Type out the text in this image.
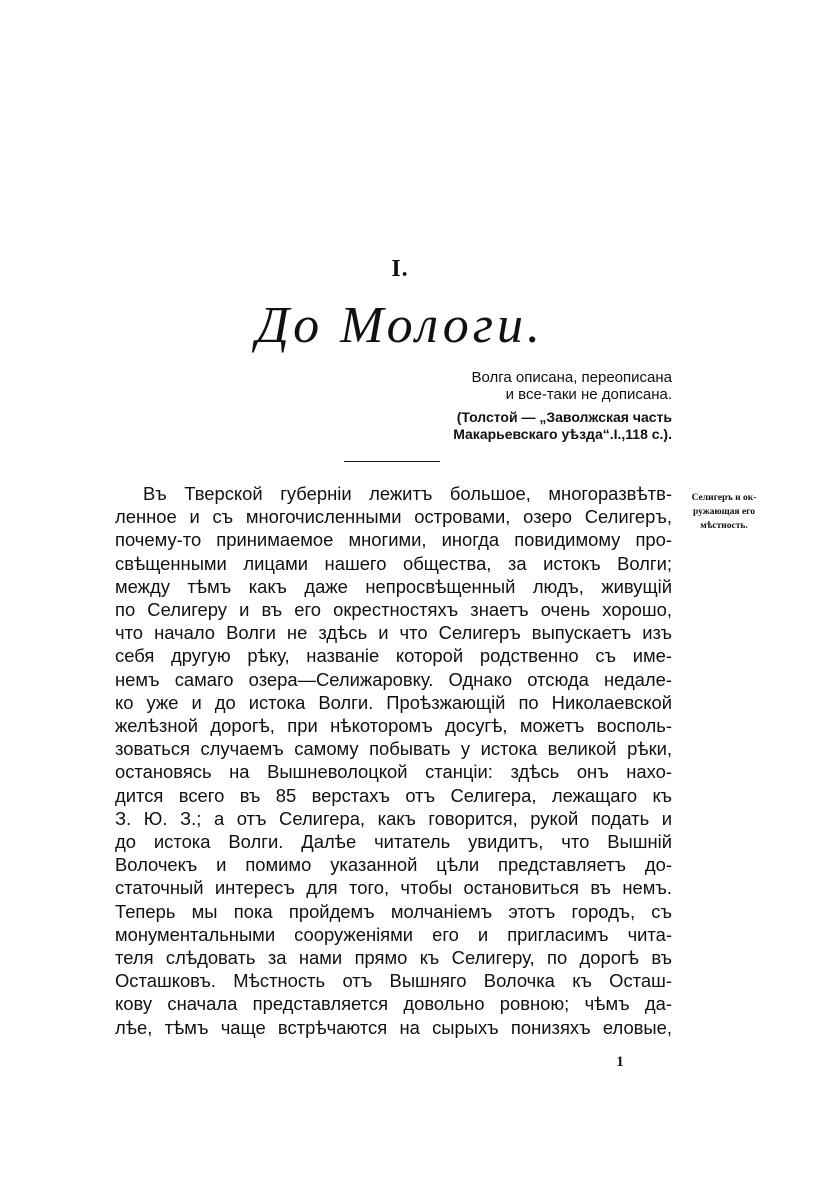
I.
До Мологи.
Волга описана, переописана
и все-таки не дописана.
(Толстой — „Заволжская часть
Макарьевскаго уѣзда“.I.,118 с.).
Селигеръ и ок-
ружающая его
мѣстность.
Въ Тверской губерніи лежитъ большое, многоразвѣтв-
ленное и съ многочисленными островами, озеро Селигеръ,
почему-то принимаемое многими, иногда повидимому про-
свѣщенными лицами нашего общества, за истокъ Волги;
между тѣмъ какъ даже непросвѣщенный людъ, живущій
по Селигеру и въ его окрестностяхъ знаетъ очень хорошо,
что начало Волги не здѣсь и что Селигеръ выпускаетъ изъ
себя другую рѣку, названіе которой родственно съ име-
немъ самаго озера—Селижаровку. Однако отсюда недале-
ко уже и до истока Волги. Проѣзжающій по Николаевской
желѣзной дорогѣ, при нѣкоторомъ досугѣ, можетъ восполь-
зоваться случаемъ самому побывать у истока великой рѣки,
остановясь на Вышневолоцкой станціи: здѣсь онъ нахо-
дится всего въ 85 верстахъ отъ Селигера, лежащаго къ
З. Ю. З.; а отъ Селигера, какъ говорится, рукой подать и
до истока Волги. Далѣе читатель увидитъ, что Вышній
Волочекъ и помимо указанной цѣли представляетъ до-
статочный интересъ для того, чтобы остановиться въ немъ.
Теперь мы пока пройдемъ молчаніемъ этотъ городъ, съ
монументальными сооруженіями его и пригласимъ чита-
теля слѣдовать за нами прямо къ Селигеру, по дорогѣ въ
Осташковъ. Мѣстность отъ Вышняго Волочка къ Осташ-
кову сначала представляется довольно ровною; чѣмъ да-
лѣе, тѣмъ чаще встрѣчаются на сырыхъ понизяхъ еловые,
1
